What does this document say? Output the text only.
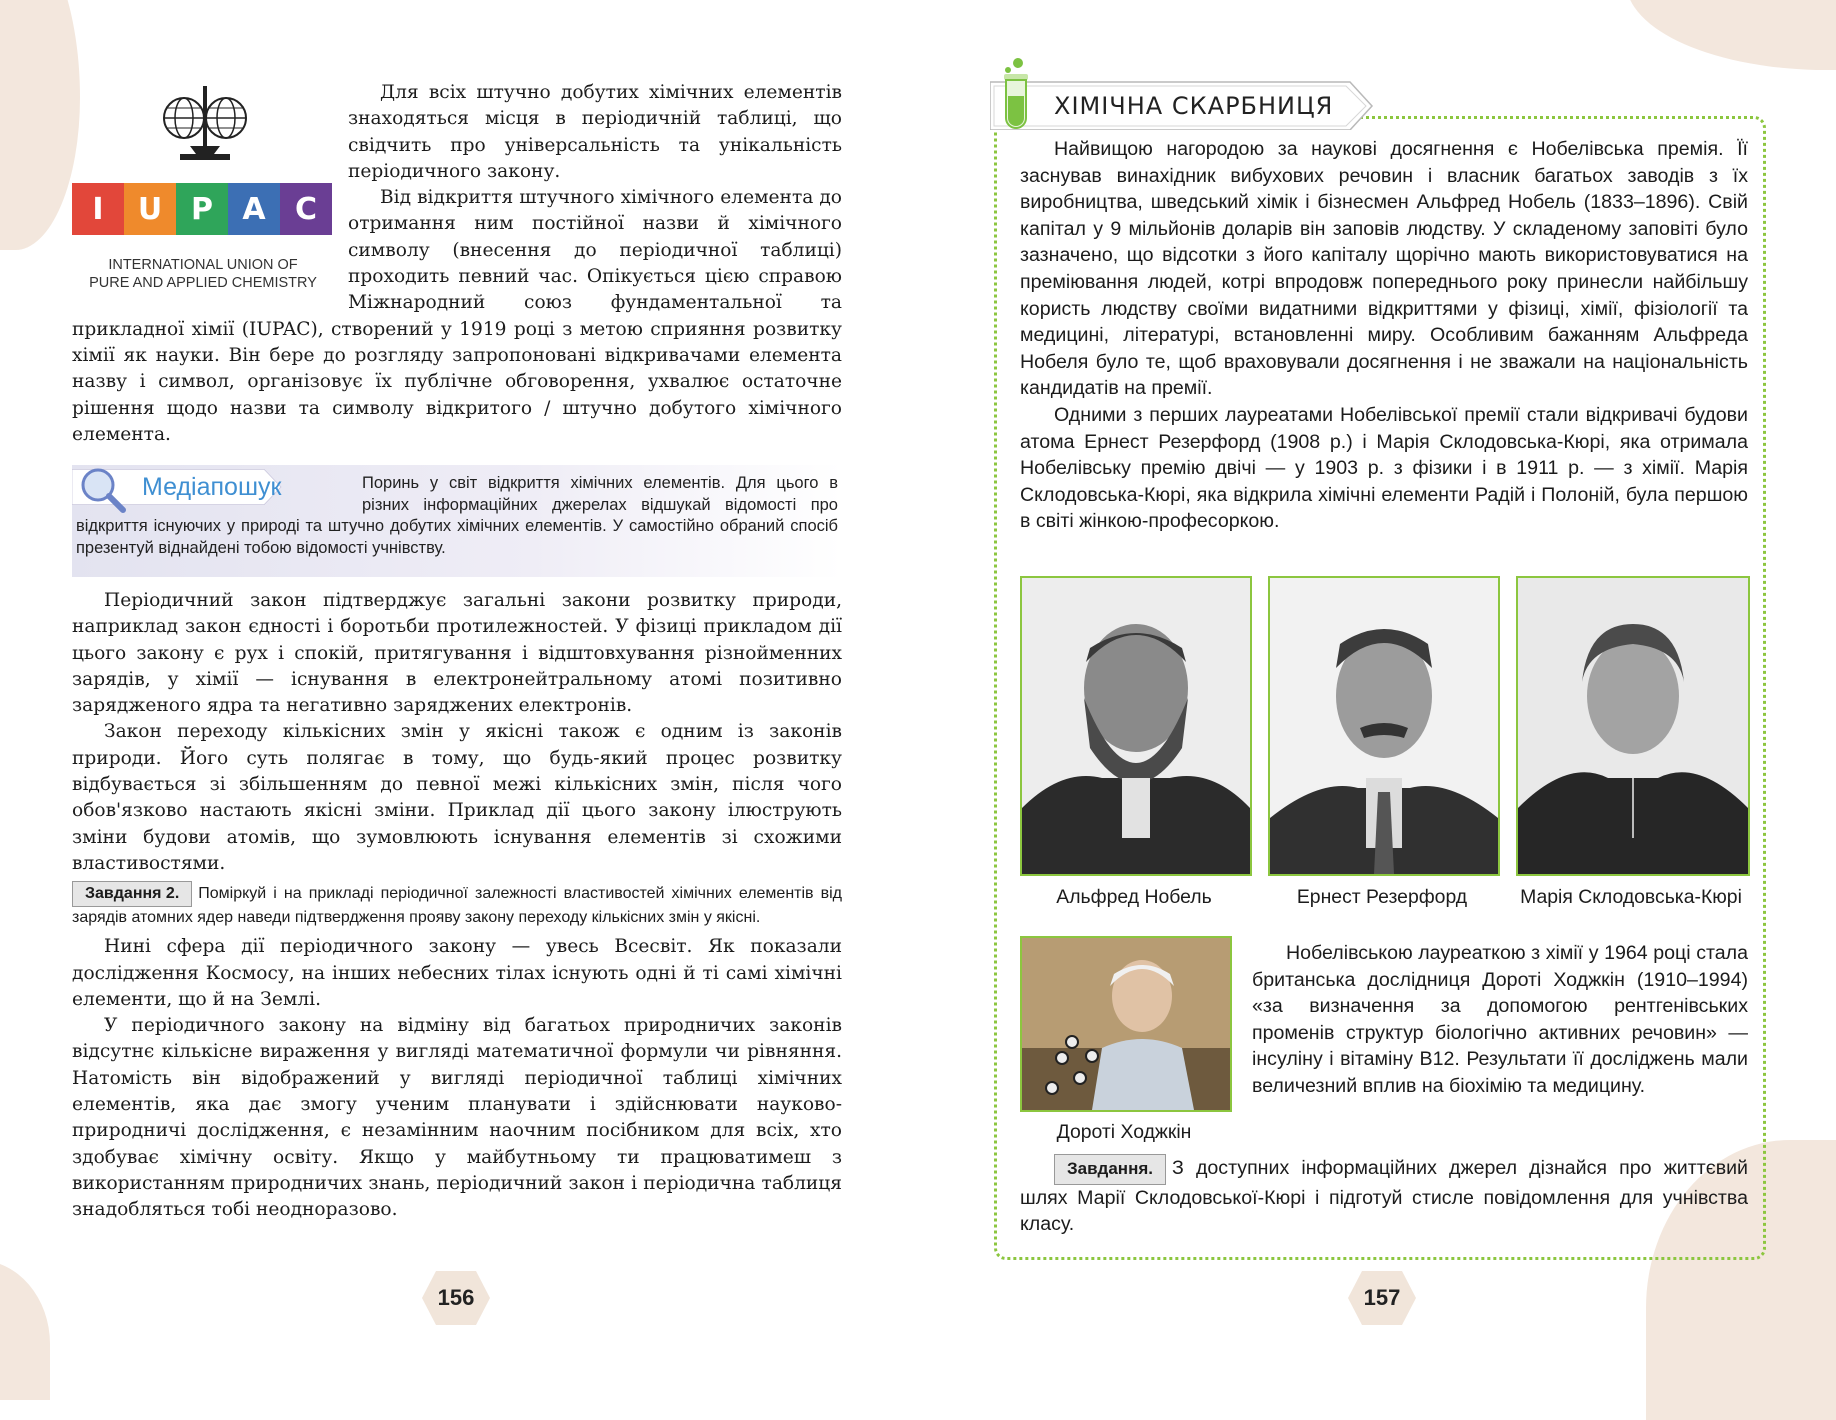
I	U P A C
INTERNATIONAL UNION OF
PURE AND APPLIED CHEMISTRY

Для всіх штучно добутих хімічних елементів знаходяться місця в періодичній таблиці, що свідчить про універсальність та унікальність періодичного закону.

Від відкриття штучного хімічного елемента до отримання ним постійної назви й хімічного символу (внесення до періодичної таблиці) проходить певний час. Опікується цією справою Міжнародний союз фундаментальної та прикладної хімії (IUPAC), створений у 1919 році з метою сприяння розвитку хімії як науки. Він бере до розгляду запропоновані відкривачами елемента назву і символ, організовує їх публічне обговорення, ухвалює остаточне рішення щодо назви та символу відкритого / штучно добутого хімічного елемента.

Медіапошук	Поринь у світ відкриття хімічних елементів. Для цього в різних інформаційних джерелах відшукай відомості про відкриття існуючих у природі та штучно добутих хімічних елементів. У самостійно обраний спосіб презентуй віднайдені тобою відомості учнівству.

Періодичний закон підтверджує загальні закони розвитку природи, наприклад закон єдності і боротьби протилежностей. У фізиці прикладом дії цього закону є рух і спокій, притягування і відштовхування різнойменних зарядів, у хімії — існування в електронейтральному атомі позитивно зарядженого ядра та негативно заряджених електронів.

Закон переходу кількісних змін у якісні також є одним із законів природи. Його суть полягає в тому, що будь-який процес розвитку відбувається зі збільшенням до певної межі кількісних змін, після чого обов'язково настають якісні зміни. Приклад дії цього закону ілюструють зміни будови атомів, що зумовлюють існування елементів зі схожими властивостями.

Завдання 2. Поміркуй і на прикладі періодичної залежності властивостей хімічних елементів від зарядів атомних ядер наведи підтвердження прояву закону переходу кількісних змін у якісні.

Нині сфера дії періодичного закону — увесь Всесвіт. Як показали дослідження Космосу, на інших небесних тілах існують одні й ті самі хімічні елементи, що й на Землі.

У періодичного закону на відміну від багатьох природничих законів відсутнє кількісне вираження у вигляді математичної формули чи рівняння. Натомість він відображений у вигляді періодичної таблиці хімічних елементів, яка дає змогу ученим планувати і здійснювати науково-природничі дослідження, є незамінним наочним посібником для всіх, хто здобуває хімічну освіту. Якщо у майбутньому ти працюватимеш з використанням природничих знань, періодичний закон і періодична таблиця знадобляться тобі неодноразово.

156
ХІМІЧНА СКАРБНИЦЯ

Найвищою нагородою за наукові досягнення є Нобелівська премія. Її заснував винахідник вибухових речовин і власник багатьох заводів з їх виробництва, шведський хімік і бізнесмен Альфред Нобель (1833–1896). Свій капітал у 9 мільйонів доларів він заповів людству. У складеному заповіті було зазначено, що відсотки з його капіталу щорічно мають використовуватися на преміювання людей, котрі впродовж попереднього року принесли найбільшу користь людству своїми видатними відкриттями у фізиці, хімії, фізіології та медицині, літературі, встановленні миру. Особливим бажанням Альфреда Нобеля було те, щоб враховували досягнення і не зважали на національність кандидатів на премії.

Одними з перших лауреатами Нобелівської премії стали відкривачі будови атома Ернест Резерфорд (1908 р.) і Марія Склодовська-Кюрі, яка отримала Нобелівську премію двічі — у 1903 р. з фізики і в 1911 р. — з хімії. Марія Склодовська-Кюрі, яка відкрила хімічні елементи Радій і Полоній, була першою в світі жінкою-професоркою.

Альфред Нобель	Ернест Резерфорд	Марія Склодовська-Кюрі
Дороті Ходжкін

Нобелівською лауреаткою з хімії у 1964 році стала британська дослідниця Дороті Ходжкін (1910–1994) «за визначення за допомогою рентгенівських променів структур біологічно активних речовин» — інсуліну і вітаміну B12. Результати її досліджень мали величезний вплив на біохімію та медицину.

Завдання. З доступних інформаційних джерел дізнайся про життєвий шлях Марії Склодовської-Кюрі і підготуй стисле повідомлення для учнівства класу.
157
